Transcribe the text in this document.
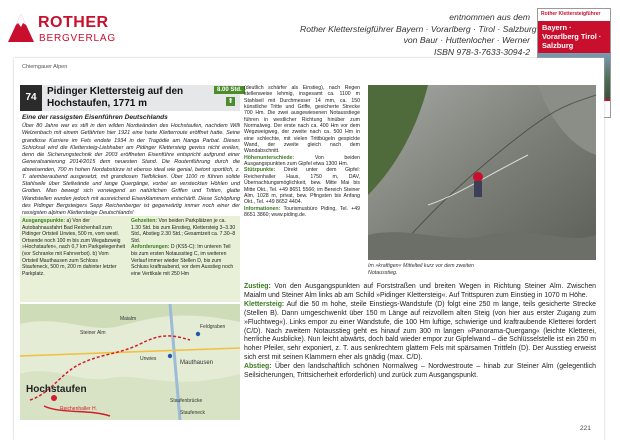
ROTHER
BERGVERLAG
entnommen aus dem
Rother Klettersteigführer Bayern · Vorarlberg · Tirol · Salzburg
von Baur · Huttenlocher · Werner
ISBN 978-3-7633-3094-2
Rother Klettersteigführer
Bayern · Vorarlberg Tirol · Salzburg
Chiemgauer Alpen
74
Pidinger Klettersteig auf den
Hochstaufen, 1771 m
8.00 Std.
⬆
Eine der rassigsten Eisenführen Deutschlands
Über 80 Jahre war es still in den wilden Nordwänden des Hochstaufen, nachdem Willi Welzenbach mit einem Gefährten hier 1921 eine harte Kletterroute eröffnet hatte. Seine grandiose Karriere im Fels endete 1934 in der Tragödie am Nanga Parbat. Dieses Schicksal wird die Klettersteig-Liebhaber am Pidinger Klettersteig gewiss nicht ereilen, denn die Sicherungstechnik der 2003 eröffneten Eisenführe entspricht aufgrund einer Generalsanierung 2014/2015 dem neuesten Stand. Die Routenführung durch die abweisenden, 700 m hohen Nordabstürze ist ebenso ideal wie genial, betont sportlich, z. T. atemberaubend ausgesetzt, mit grandiosen Tiefblicken. Über 1100 m führen solide Stahlseile über Steilwände und lange Quergänge, vorbei an versteckten Höhlen und Grotten. Man bewegt sich vorwiegend an natürlichen Griffen und Tritten, glatte Wandstellen wurden jedoch mit ausreichend Eisenklammern entschärft. Diese Schöpfung des Pidinger Bergsteigers Sepp Reichenberger ist gegenwärtig immer noch einer der rassigsten alpinen Klettersteige Deutschlands!
Ausgangspunkte: a) Von der Autobahnausfahrt Bad Reichenhall zum Pidinger Ortsteil Urwies, 500 m, vom westl. Ortsende noch 100 m bis zum Wegabzweig »Hochstaufen«, nach 0,7 km Parkgelegenheit (vor Schranke mit Fahrverbot). b) Vom Ortsteil Mauthausen zum Schloss Staufeneck, 500 m, 200 m dahinter letzter Parkplatz.
Gehzeiten: Von beiden Parkplätzen je ca. 1.30 Std. bis zum Einstieg, Klettersteig 3–3.30 Std., Abstieg 2.30 Std.; Gesamtzeit ca. 7.30–8 Std.
Anforderungen: D (KS5-C): Im unteren Teil bis zum ersten Notausstieg C, im weiteren Verlauf immer wieder Stellen D, bis zum Schluss kraftraubend, vor dem Ausstieg noch eine Vertikale mit 250 Hm
Hochstaufen
Unwies
Mauthausen
Staufenbrücke
Staufeneck
Reichenhaller H.
Steiner Alm
Maialm
Feldgraben
(deutlich schärfer als Einstieg), nach Regen stellenweise lehmig, insgesamt ca. 1100 m Stahlseil mit Durchmesser 14 mm, ca. 150 künstliche Tritte und Griffe, gesicherte Strecke 700 Hm. Die zwei ausgewiesenen Notausstiege führen in westlicher Richtung hinüber zum Normalweg. Der erste nach ca. 400 Hm vor dem Wegzweigweg, der zweite nach ca. 500 Hm in eine schlechte, mit vielen Trittbügeln gespickte Wand, der zweite gleich nach dem Wandabschnitt.
Höhenunterschiede: Von beiden Ausgangspunkten zum Gipfel etwa 1300 Hm.
Stützpunkte: Direkt unter dem Gipfel: Reichenhaller Haus, 1750 m, DAV, Übernachtungsmöglichkeit, bew. Mitte Mai bis Mitte Okt., Tel. +49 8651 5566; im Bereich Steiner Alm, 1028 m, privat, bew. Pfingsten bis Anfang Okt., Tel. +49 8652 4404.
Informationen: Tourismusbüro Piding, Tel. +49 8651 3860; www.piding.de.
Im »kraftigen« Mittelteil kurz vor dem zweiten Notausstieg.
Zustieg: Von den Ausgangspunkten auf Forststraßen und breiten Wegen in Richtung Steiner Alm. Zwischen Maialm und Steiner Alm links ab am Schild »Pidinger Klettersteig«. Auf Trittspuren zum Einstieg in 1070 m Höhe.
Klettersteig: Auf die 50 m hohe, steile Einstiegs-Wandstufe (D) folgt eine 250 m lange, teils gesicherte Strecke (Stellen B). Dann umgeschwenkt über 150 m Länge auf reizvollem alten Steig (von hier aus erster Zugang zum »Fluchtweg«). Links empor zu einer Wandstufe, die 100 Hm luftige, schwierige und kraftraubende Kletterei fordert (C/D). Nach zweitem Notausstieg geht es hinauf zum 300 m langen »Panorama-Quergang« (leichte Kletterei, herrliche Ausblicke). Nun leicht abwärts, doch bald wieder empor zur Gipfelwand – die Schlüsselstelle ist ein 250 m hoher Pfeiler, sehr exponiert, z. T. aus senkrechtem glattem Fels mit spärsamen Trittfeln (D). Der Ausstieg erweist sich erst mit seinen Klammern eher als gnädig (max. C/D).
Abstieg: Über den landschaftlich schönen Normalweg – Nordwestroute – hinab zur Steiner Alm (gelegentlich Seilsicherungen, Trittsicherheit erforderlich) und zurück zum Ausgangspunkt.
221
